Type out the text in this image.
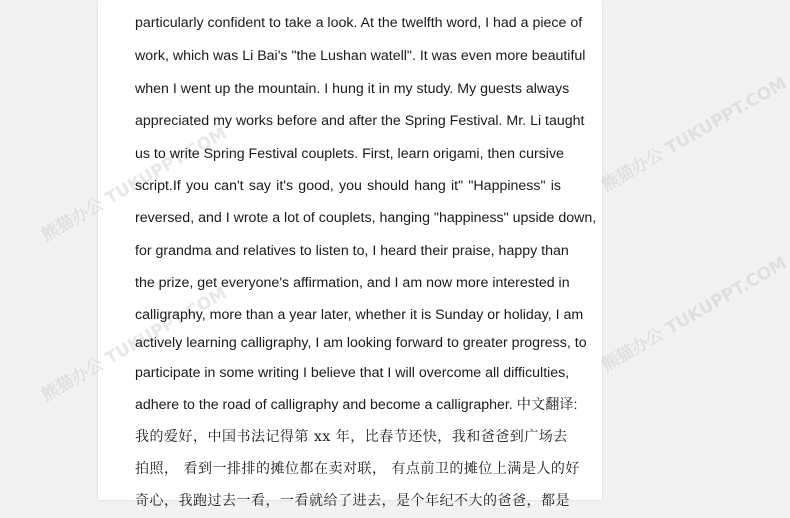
熊猫办公 TUKUPPT.COM
熊猫办公 TUKUPPT.COM
熊猫办公 TUKUPPT.COM
熊猫办公 TUKUPPT.COM
particularly confident to take a look. At the twelfth word, I had a piece of
work, which was Li Bai's "the Lushan watell". It was even more beautiful
when I went up the mountain. I hung it in my study. My guests always
appreciated my works before and after the Spring Festival. Mr. Li taught
us to write Spring Festival couplets. First, learn origami, then cursive
script.If you can't say it's good, you should hang it" "Happiness" is
reversed, and I wrote a lot of couplets, hanging "happiness" upside down,
for grandma and relatives to listen to, I heard their praise, happy than
the prize, get everyone's affirmation, and I am now more interested in
calligraphy, more than a year later, whether it is Sunday or holiday, I am
actively learning calligraphy, I am looking forward to greater progress, to
participate in some writing I believe that I will overcome all difficulties,
adhere to the road of calligraphy and become a calligrapher. 中文翻译:
我的爱好，中国书法记得第 xx 年，比春节还快，我和爸爸到广场去
拍照， 看到一排排的摊位都在卖对联， 有点前卫的摊位上满是人的好
奇心，我跑过去一看，一看就给了进去，是个年纪不大的爸爸，都是
